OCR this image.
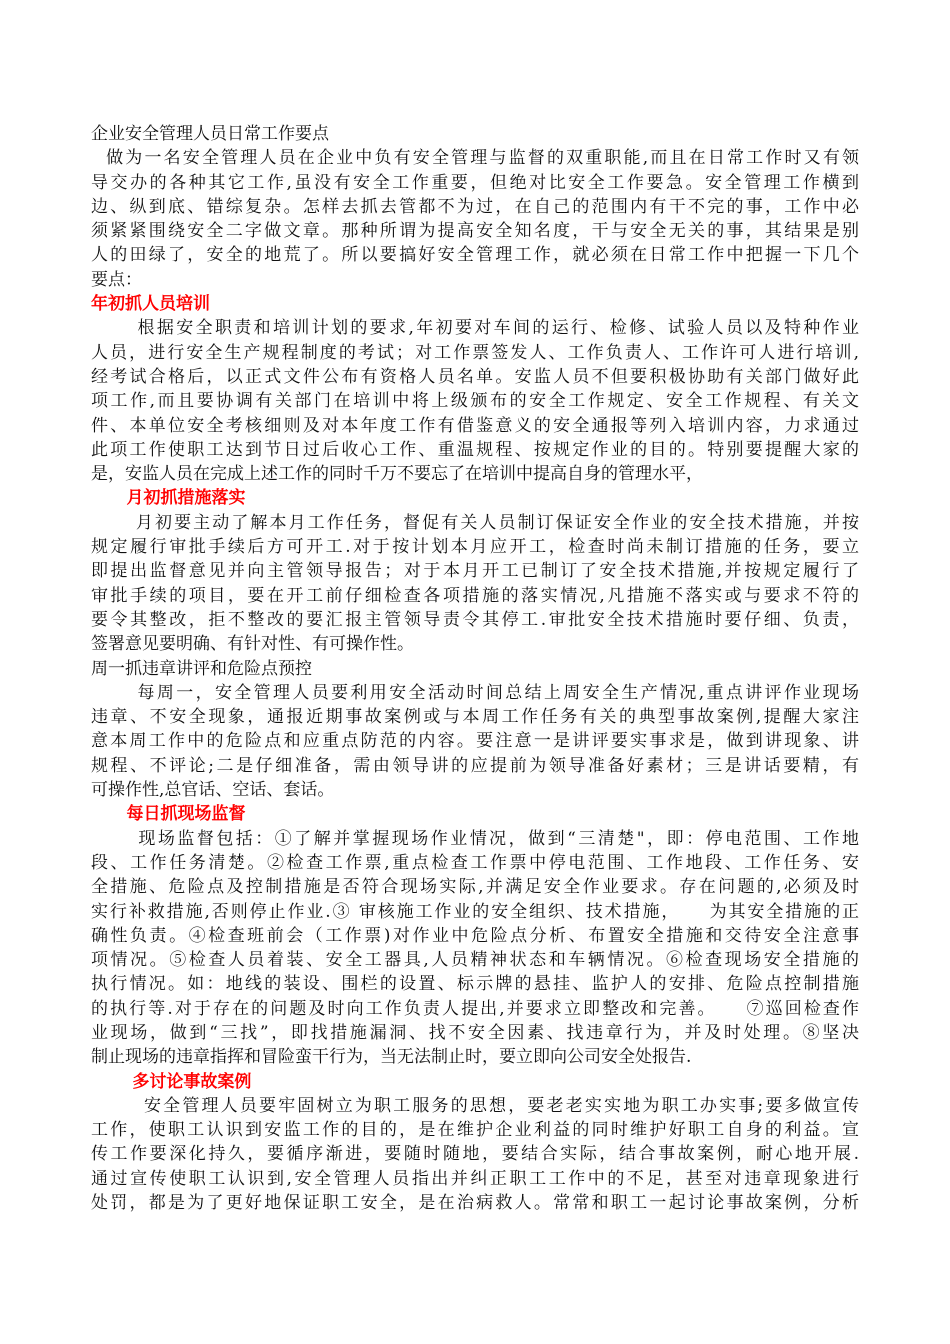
企业安全管理人员日常工作要点
做为一名安全管理人员在企业中负有安全管理与监督的双重职能,而且在日常工作时又有领
导交办的各种其它工作,虽没有安全工作重要，但绝对比安全工作要急。安全管理工作横到
边、纵到底、错综复杂。怎样去抓去管都不为过，在自己的范围内有干不完的事，工作中必
须紧紧围绕安全二字做文章。那种所谓为提高安全知名度，干与安全无关的事，其结果是别
人的田绿了，安全的地荒了。所以要搞好安全管理工作，就必须在日常工作中把握一下几个
要点：
年初抓人员培训
根据安全职责和培训计划的要求,年初要对车间的运行、检修、试验人员以及特种作业
人员，进行安全生产规程制度的考试；对工作票签发人、工作负责人、工作许可人进行培训,
经考试合格后，以正式文件公布有资格人员名单。安监人员不但要积极协助有关部门做好此
项工作,而且要协调有关部门在培训中将上级颁布的安全工作规定、安全工作规程、有关文
件、本单位安全考核细则及对本年度工作有借鉴意义的安全通报等列入培训内容，力求通过
此项工作使职工达到节日过后收心工作、重温规程、按规定作业的目的。特别要提醒大家的
是，安监人员在完成上述工作的同时千万不要忘了在培训中提高自身的管理水平，
月初抓措施落实
月初要主动了解本月工作任务，督促有关人员制订保证安全作业的安全技术措施，并按
规定履行审批手续后方可开工.对于按计划本月应开工，检查时尚未制订措施的任务，要立
即提出监督意见并向主管领导报告；对于本月开工已制订了安全技术措施,并按规定履行了
审批手续的项目，要在开工前仔细检查各项措施的落实情况,凡措施不落实或与要求不符的
要令其整改，拒不整改的要汇报主管领导责令其停工.审批安全技术措施时要仔细、负责，
签署意见要明确、有针对性、有可操作性。
周一抓违章讲评和危险点预控
每周一，安全管理人员要利用安全活动时间总结上周安全生产情况,重点讲评作业现场
违章、不安全现象，通报近期事故案例或与本周工作任务有关的典型事故案例,提醒大家注
意本周工作中的危险点和应重点防范的内容。要注意一是讲评要实事求是，做到讲现象、讲
规程、不评论;二是仔细准备，需由领导讲的应提前为领导准备好素材；三是讲话要精，有
可操作性,总官话、空话、套话。
每日抓现场监督
现场监督包括：①了解并掌握现场作业情况，做到“三清楚"，即：停电范围、工作地
段、工作任务清楚。②检查工作票,重点检查工作票中停电范围、工作地段、工作任务、安
全措施、危险点及控制措施是否符合现场实际,并满足安全作业要求。存在问题的,必须及时
实行补救措施,否则停止作业.③ 审核施工作业的安全组织、技术措施，    为其安全措施的正
确性负责。④检查班前会（工作票)对作业中危险点分析、布置安全措施和交待安全注意事
项情况。⑤检查人员着装、安全工器具,人员精神状态和车辆情况。⑥检查现场安全措施的
执行情况。如：地线的装设、围栏的设置、标示牌的悬挂、监护人的安排、危险点控制措施
的执行等.对于存在的问题及时向工作负责人提出,并要求立即整改和完善。    ⑦巡回检查作
业现场，做到“三找”，即找措施漏洞、找不安全因素、找违章行为，并及时处理。⑧坚决
制止现场的违章指挥和冒险蛮干行为，当无法制止时，要立即向公司安全处报告.
多讨论事故案例
安全管理人员要牢固树立为职工服务的思想，要老老实实地为职工办实事;要多做宣传
工作，使职工认识到安监工作的目的，是在维护企业利益的同时维护好职工自身的利益。宣
传工作要深化持久，要循序渐进，要随时随地，要结合实际，结合事故案例，耐心地开展.
通过宣传使职工认识到,安全管理人员指出并纠正职工工作中的不足，甚至对违章现象进行
处罚，都是为了更好地保证职工安全，是在治病救人。常常和职工一起讨论事故案例，分析
